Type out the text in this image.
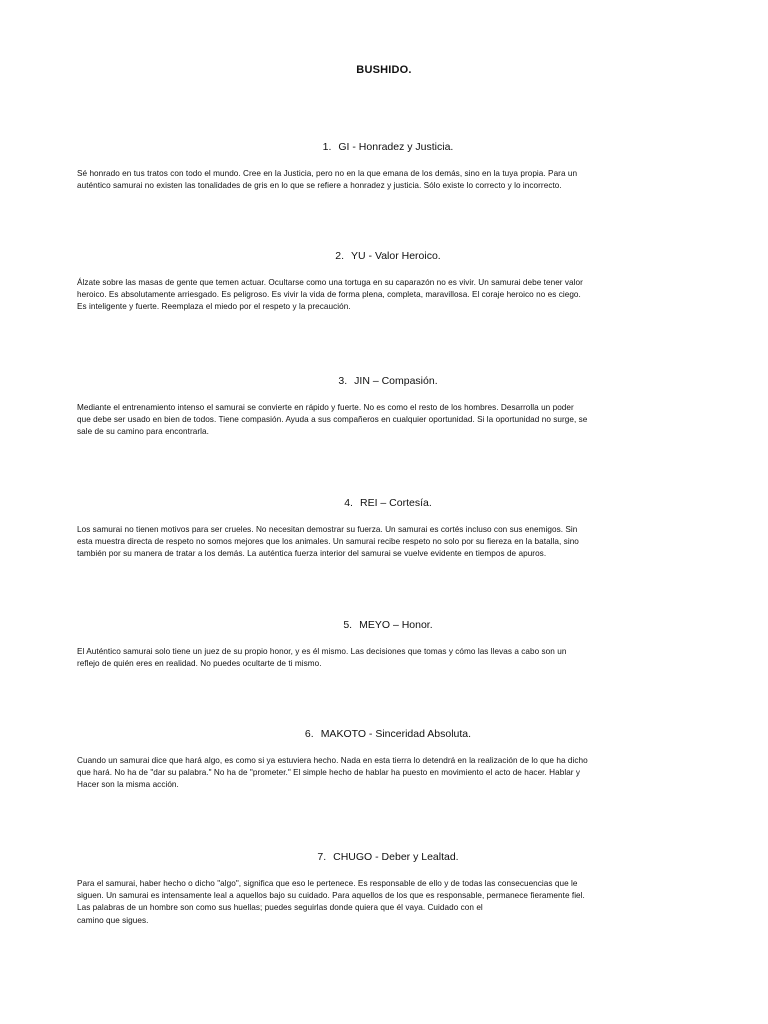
BUSHIDO.
1. GI - Honradez y Justicia.

Sé honrado en tus tratos con todo el mundo. Cree en la Justicia, pero no en la que emana de los demás, sino en la tuya propia. Para un
auténtico samurai no existen las tonalidades de gris en lo que se refiere a honradez y justicia. Sólo existe lo correcto y lo incorrecto.

2. YU - Valor Heroico.

Álzate sobre las masas de gente que temen actuar. Ocultarse como una tortuga en su caparazón no es vivir. Un samurai debe tener valor
heroico. Es absolutamente arriesgado. Es peligroso. Es vivir la vida de forma plena, completa, maravillosa. El coraje heroico no es ciego.
Es inteligente y fuerte. Reemplaza el miedo por el respeto y la precaución.

3. JIN – Compasión.

Mediante el entrenamiento intenso el samurai se convierte en rápido y fuerte. No es como el resto de los hombres. Desarrolla un poder
que debe ser usado en bien de todos. Tiene compasión. Ayuda a sus compañeros en cualquier oportunidad. Si la oportunidad no surge, se
sale de su camino para encontrarla.

4. REI – Cortesía.

Los samurai no tienen motivos para ser crueles. No necesitan demostrar su fuerza. Un samurai es cortés incluso con sus enemigos. Sin
esta muestra directa de respeto no somos mejores que los animales. Un samurai recibe respeto no solo por su fiereza en la batalla, sino
también por su manera de tratar a los demás. La auténtica fuerza interior del samurai se vuelve evidente en tiempos de apuros.

5. MEYO – Honor.

El Auténtico samurai solo tiene un juez de su propio honor, y es él mismo. Las decisiones que tomas y cómo las llevas a cabo son un
reflejo de quién eres en realidad. No puedes ocultarte de ti mismo.

6. MAKOTO - Sinceridad Absoluta.

Cuando un samurai dice que hará algo, es como si ya estuviera hecho. Nada en esta tierra lo detendrá en la realización de lo que ha dicho
que hará. No ha de "dar su palabra." No ha de "prometer." El simple hecho de hablar ha puesto en movimiento el acto de hacer. Hablar y
Hacer son la misma acción.

7. CHUGO - Deber y Lealtad.

Para el samurai, haber hecho o dicho "algo", significa que eso le pertenece. Es responsable de ello y de todas las consecuencias que le
siguen. Un samurai es intensamente leal a aquellos bajo su cuidado. Para aquellos de los que es responsable, permanece fieramente fiel.
Las palabras de un hombre son como sus huellas; puedes seguirlas donde quiera que él vaya. Cuidado con el
camino que sigues.
